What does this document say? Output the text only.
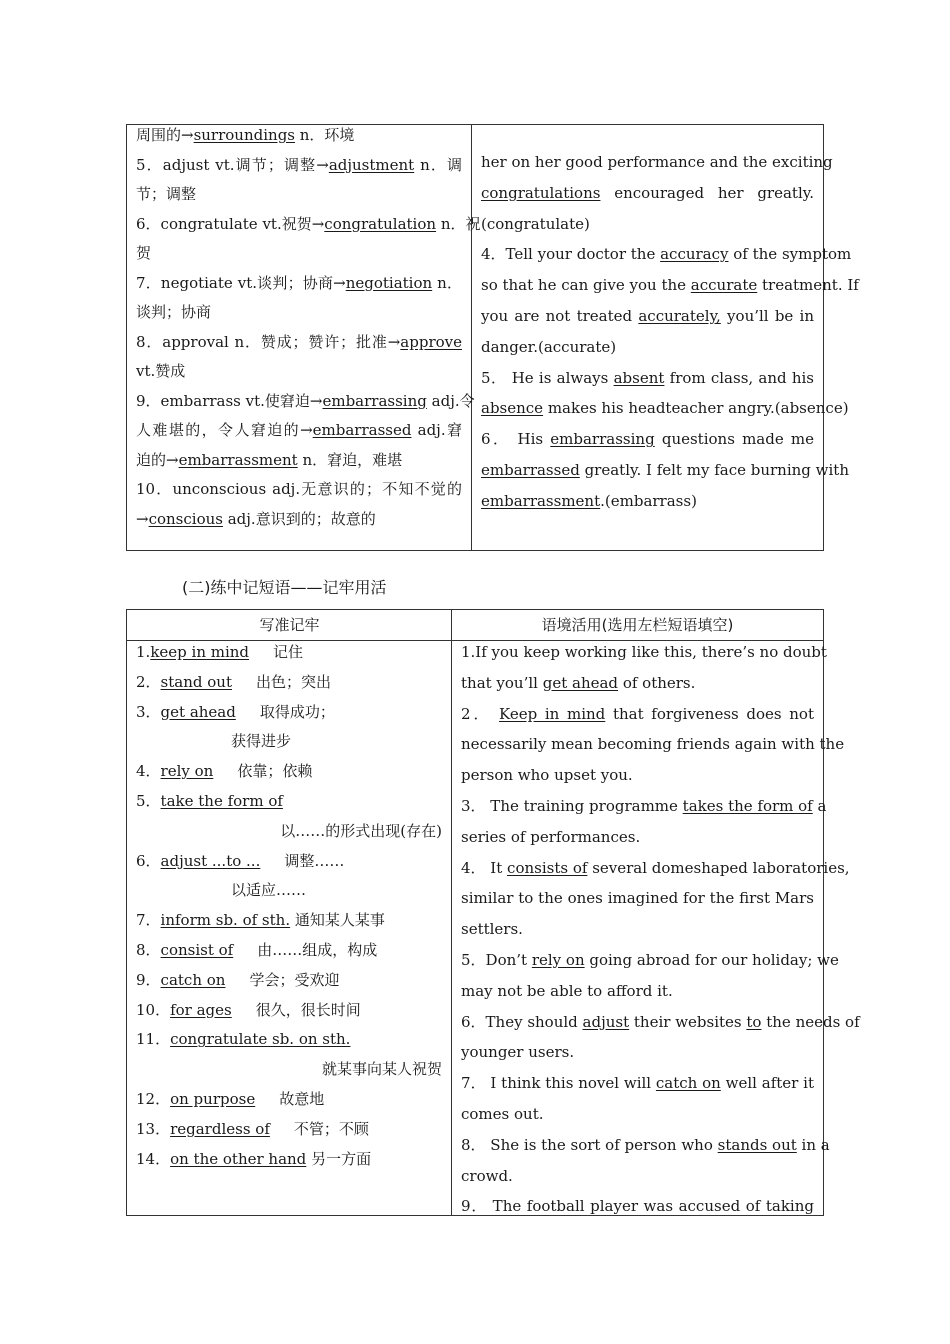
周围的→surroundings n．环境
5．adjust vt.调节；调整→adjustment n．调
节；调整
6．congratulate vt.祝贺→congratulation n．祝
贺
7．negotiate vt.谈判；协商→negotiation n．
谈判；协商
8．approval n．赞成；赞许；批准→approve
vt.赞成
9．embarrass vt.使窘迫→embarrassing adj.令
人难堪的，令人窘迫的→embarrassed adj.窘
迫的→embarrassment n．窘迫，难堪
10．unconscious adj.无意识的；不知不觉的
→conscious adj.意识到的；故意的
her on her good performance and the exciting
congratulations encouraged her greatly.
(congratulate)
4．Tell your doctor the accuracy of the symptom
so that he can give you the accurate treatment. If
you are not treated accurately, you’ll be in
danger.(accurate)
5． He is always absent from class, and his
absence makes his headteacher angry.(absence)
6． His embarrassing questions made me
embarrassed greatly. I felt my face burning with
embarrassment.(embarrass)
(二)练中记短语——记牢用活
写准记牢	语境活用(选用左栏短语填空)
1.keep in mind 记住
2．stand out 出色；突出
3．get ahead 取得成功；
获得进步
4．rely on 依靠；依赖
5．take the form of
以……的形式出现(存在)
6．adjust ...to ... 调整……
以适应……
7．inform sb. of sth. 通知某人某事
8．consist of 由……组成，构成
9．catch on 学会；受欢迎
10．for ages 很久，很长时间
11．congratulate sb. on sth.
就某事向某人祝贺
12．on purpose 故意地
13．regardless of 不管；不顾
14．on the other hand 另一方面
1.If you keep working like this, there’s no doubt
that you’ll get ahead of others.
2． Keep in mind that forgiveness does not
necessarily mean becoming friends again with the
person who upset you.
3． The training programme takes the form of a
series of performances.
4． It consists of several domeshaped laboratories,
similar to the ones imagined for the first Mars
settlers.
5．Don’t rely on going abroad for our holiday; we
may not be able to afford it.
6．They should adjust their websites to the needs of
younger users.
7． I think this novel will catch on well after it
comes out.
8． She is the sort of person who stands out in a
crowd.
9． The football player was accused of taking
